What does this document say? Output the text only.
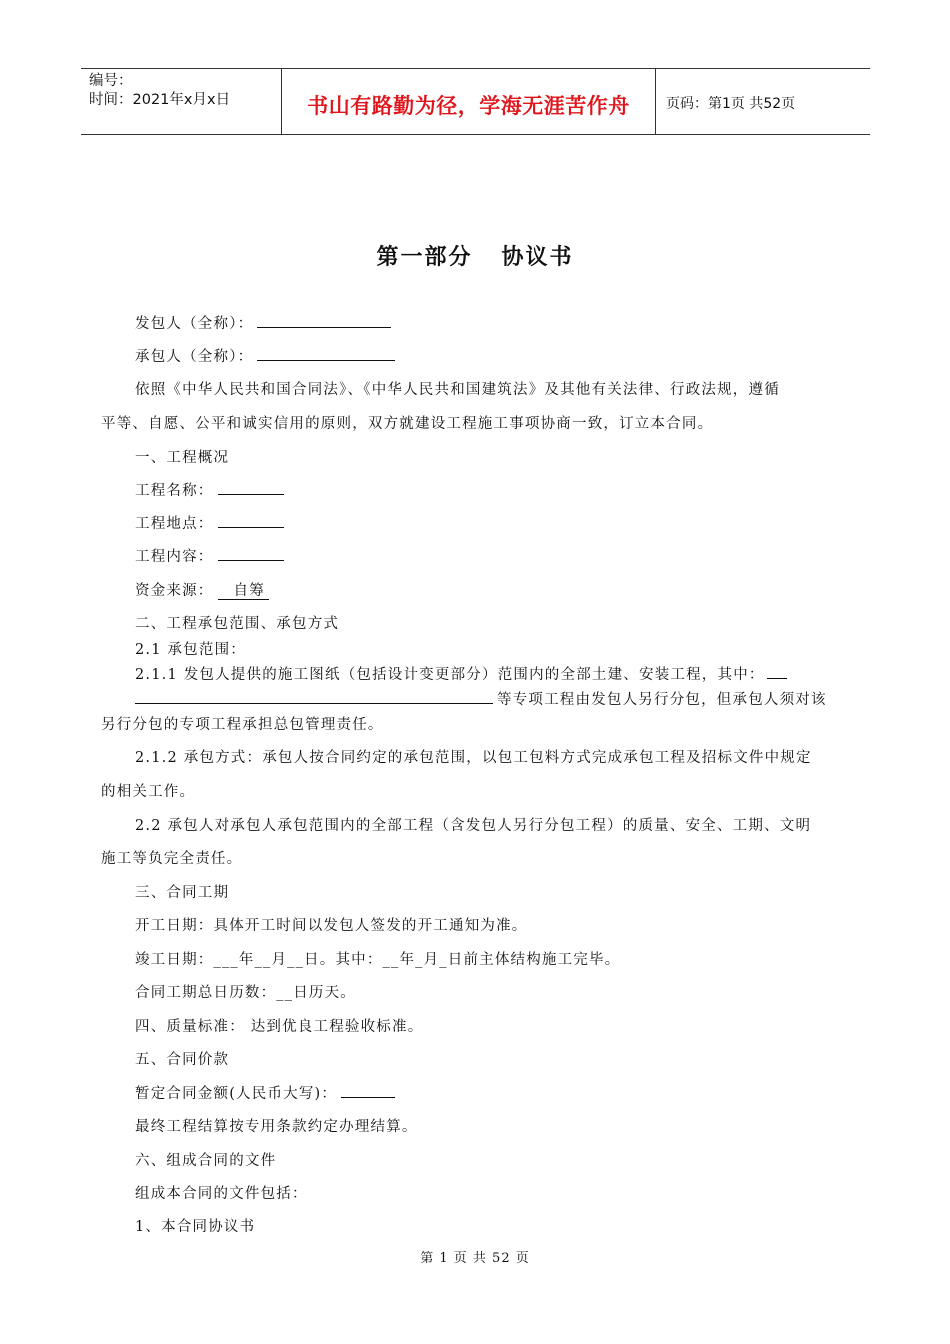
编号：
时间：2021年x月x日	书山有路勤为径，学海无涯苦作舟	页码：第1页 共52页
第一部分   协议书
发包人（全称）：
承包人（全称）：
依照《中华人民共和国合同法》、《中华人民共和国建筑法》及其他有关法律、行政法规，遵循
平等、自愿、公平和诚实信用的原则，双方就建设工程施工事项协商一致，订立本合同。
一、工程概况
工程名称：
工程地点：
工程内容：
资金来源： 自筹
二、工程承包范围、承包方式
2.1 承包范围：
2.1.1 发包人提供的施工图纸（包括设计变更部分）范围内的全部土建、安装工程，其中：
等专项工程由发包人另行分包，但承包人须对该
另行分包的专项工程承担总包管理责任。
2.1.2 承包方式：承包人按合同约定的承包范围，以包工包料方式完成承包工程及招标文件中规定
的相关工作。
2.2 承包人对承包人承包范围内的全部工程（含发包人另行分包工程）的质量、安全、工期、文明
施工等负完全责任。
三、合同工期
开工日期：具体开工时间以发包人签发的开工通知为准。
竣工日期：___年__月__日。其中：__年_月_日前主体结构施工完毕。
合同工期总日历数：__日历天。
四、质量标准： 达到优良工程验收标准。
五、合同价款
暂定合同金额(人民币大写)：
最终工程结算按专用条款约定办理结算。
六、组成合同的文件
组成本合同的文件包括：
1、本合同协议书
第 1 页 共 52 页
